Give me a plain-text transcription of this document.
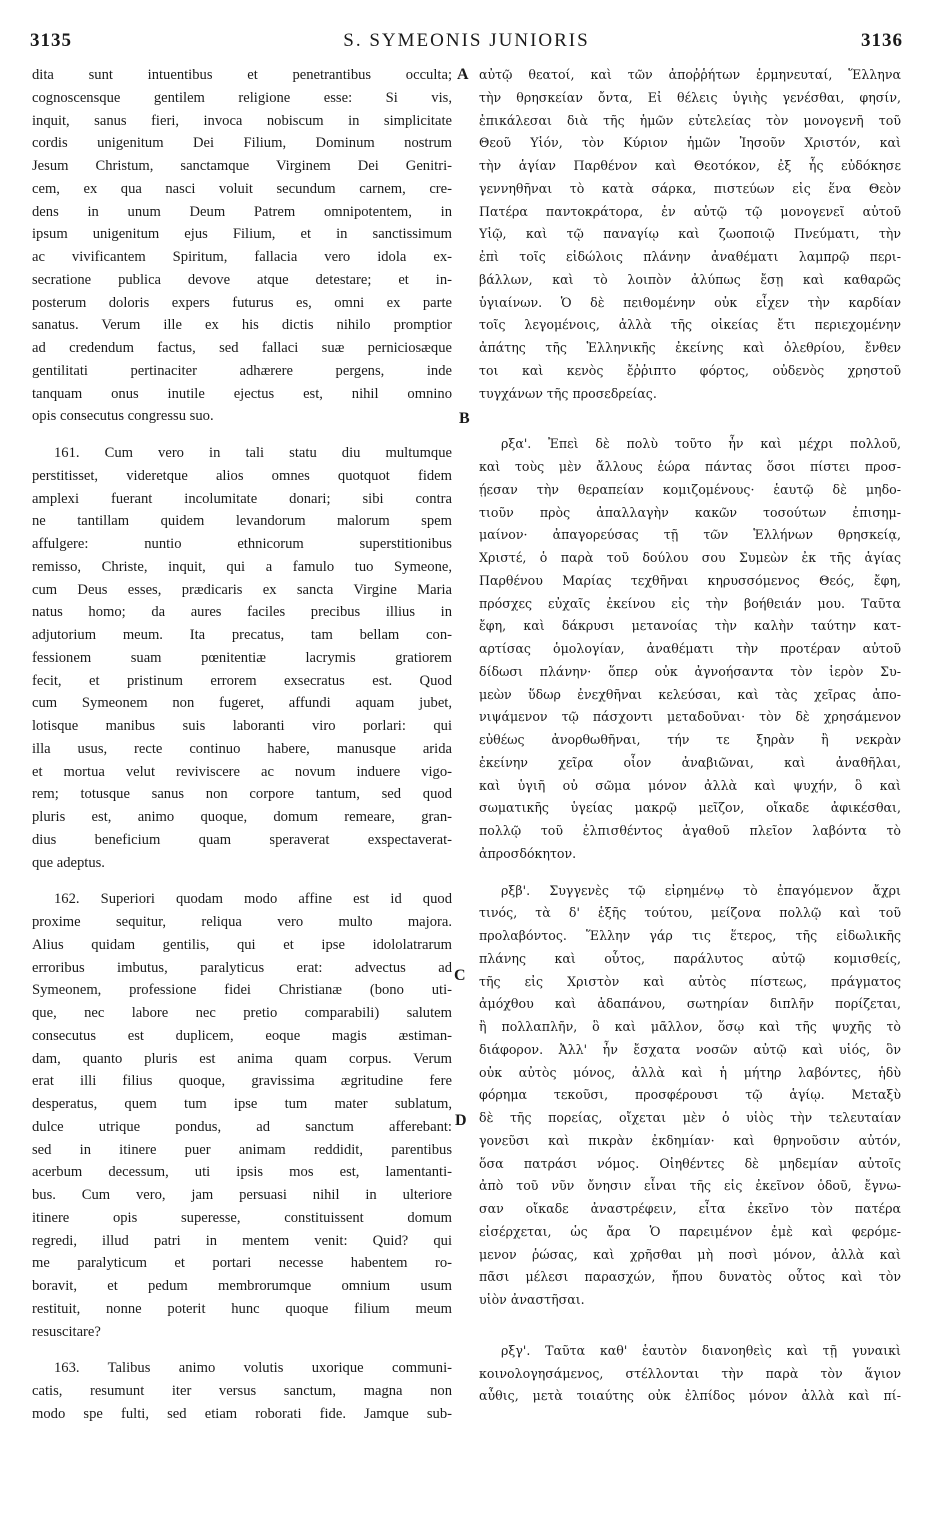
3135	S. SYMEONIS JUNIORIS	3136
dita sunt intuentibus et penetrantibus occulta;
cognoscensque gentilem religione esse: Si vis,
inquit, sanus fieri, invoca nobiscum in simplicitate
cordis unigenitum Dei Filium, Dominum nostrum
Jesum Christum, sanctamque Virginem Dei Genitri-
cem, ex qua nasci voluit secundum carnem, cre-
dens in unum Deum Patrem omnipotentem, in
ipsum unigenitum ejus Filium, et in sanctissimum
ac vivificantem Spiritum, fallacia vero idola ex-
secratione publica devove atque detestare; et in-
posterum doloris expers futurus es, omni ex parte
sanatus. Verum ille ex his dictis nihilo promptior
ad credendum factus, sed fallaci suæ perniciosæque
gentilitati pertinaciter adhærere pergens, inde
tanquam onus inutile ejectus est, nihil omnino
opis consecutus congressu suo.
161. Cum vero in tali statu diu multumque
perstitisset, videretque alios omnes quotquot fidem
amplexi fuerant incolumitate donari; sibi contra
ne tantillam quidem levandorum malorum spem
affulgere: nuntio ethnicorum superstitionibus
remisso, Christe, inquit, qui a famulo tuo Symeone,
cum Deus esses, prædicaris ex sancta Virgine Maria
natus homo; da aures faciles precibus illius in
adjutorium meum. Ita precatus, tam bellam con-
fessionem suam pœnitentiæ lacrymis gratiorem
fecit, et pristinum errorem exsecratus est. Quod
cum Symeonem non fugeret, affundi aquam jubet,
lotisque manibus suis laboranti viro porlari: qui
illa usus, recte continuo habere, manusque arida
et mortua velut reviviscere ac novum induere vigo-
rem; totusque sanus non corpore tantum, sed quod
pluris est, animo quoque, domum remeare, gran-
dius beneficium quam speraverat exspectaverat-
que adeptus.
162. Superiori quodam modo affine est id quod
proxime sequitur, reliqua vero multo majora.
Alius quidam gentilis, qui et ipse idololatrarum
erroribus imbutus, paralyticus erat: advectus ad
Symeonem, professione fidei Christianæ (bono uti-
que, nec labore nec pretio comparabili) salutem
consecutus est duplicem, eoque magis æstiman-
dam, quanto pluris est anima quam corpus. Verum
erat illi filius quoque, gravissima ægritudine fere
desperatus, quem tum ipse tum mater sublatum,
dulce utrique pondus, ad sanctum afferebant:
sed in itinere puer animam reddidit, parentibus
acerbum decessum, uti ipsis mos est, lamentanti-
bus. Cum vero, jam persuasi nihil in ulteriore
itinere opis superesse, constituissent domum
regredi, illud patri in mentem venit: Quid? qui
me paralyticum et portari necesse habentem ro-
boravit, et pedum membrorumque omnium usum
restituit, nonne poterit hunc quoque filium meum
resuscitare?
163. Talibus animo volutis uxorique communi-
catis, resumunt iter versus sanctum, magna non
modo spe fulti, sed etiam roborati fide. Jamque sub-
αὐτῷ θεατοί, καὶ τῶν ἀποῤῥήτων ἑρμηνευταί, Ἕλληνα
τὴν θρησκείαν ὄντα, Εἰ θέλεις ὑγιὴς γενέσθαι, φησίν,
ἐπικάλεσαι διὰ τῆς ἡμῶν εὐτελείας τὸν μονογενῆ τοῦ
Θεοῦ Υἱόν, τὸν Κύριον ἡμῶν Ἰησοῦν Χριστόν, καὶ
τὴν ἁγίαν Παρθένον καὶ Θεοτόκον, ἐξ ἧς εὐδόκησε
γεννηθῆναι τὸ κατὰ σάρκα, πιστεύων εἰς ἕνα Θεὸν
Πατέρα παντοκράτορα, ἐν αὐτῷ τῷ μονογενεῖ αὐτοῦ
Υἱῷ, καὶ τῷ παναγίῳ καὶ ζωοποιῷ Πνεύματι, τὴν
ἐπὶ τοῖς εἰδώλοις πλάνην ἀναθέματι λαμπρῷ περι-
βάλλων, καὶ τὸ λοιπὸν ἀλύπως ἔσῃ καὶ καθαρῶς
ὑγιαίνων. Ὁ δὲ πειθομένην οὐκ εἶχεν τὴν καρδίαν
τοῖς λεγομένοις, ἀλλὰ τῆς οἰκείας ἔτι περιεχομένην
ἀπάτης τῆς Ἑλληνικῆς ἐκείνης καὶ ὀλεθρίου, ἔνθεν
τοι καὶ κενὸς ἔῤῥιπτο φόρτος, οὐδενὸς χρηστοῦ
τυγχάνων τῆς προσεδρείας.
ρξα'. Ἐπεὶ δὲ πολὺ τοῦτο ἦν καὶ μέχρι πολλοῦ,
καὶ τοὺς μὲν ἄλλους ἑώρα πάντας ὅσοι πίστει προσ-
ῄεσαν τὴν θεραπείαν κομιζομένους· ἑαυτῷ δὲ μηδο-
τιοῦν πρὸς ἀπαλλαγὴν κακῶν τοσούτων ἐπισημ-
μαίνον· ἀπαγορεύσας τῇ τῶν Ἑλλήνων θρησκείᾳ,
Χριστέ, ὁ παρὰ τοῦ δούλου σου Συμεὼν ἐκ τῆς ἁγίας
Παρθένου Μαρίας τεχθῆναι κηρυσσόμενος Θεός, ἔφη,
πρόσχες εὐχαῖς ἐκείνου εἰς τὴν βοήθειάν μου. Ταῦτα
ἔφη, καὶ δάκρυσι μετανοίας τὴν καλὴν ταύτην κατ-
αρτίσας ὁμολογίαν, ἀναθέματι τὴν προτέραν αὐτοῦ
δίδωσι πλάνην· ὅπερ οὐκ ἀγνοήσαντα τὸν ἱερὸν Συ-
μεὼν ὕδωρ ἐνεχθῆναι κελεύσαι, καὶ τὰς χεῖρας ἀπο-
νιψάμενον τῷ πάσχοντι μεταδοῦναι· τὸν δὲ χρησάμενον
εὐθέως ἀνορθωθῆναι, τήν τε ξηρὰν ἢ νεκρὰν
ἐκείνην χεῖρα οἷον ἀναβιῶναι, καὶ ἀναθῆλαι,
καὶ ὑγιῆ οὐ σῶμα μόνον ἀλλὰ καὶ ψυχήν, ὃ καὶ
σωματικῆς ὑγείας μακρῷ μεῖζον, οἴκαδε ἀφικέσθαι,
πολλῷ τοῦ ἐλπισθέντος ἀγαθοῦ πλεῖον λαβόντα τὸ
ἀπροσδόκητον.
ρξβ'. Συγγενὲς τῷ εἰρημένῳ τὸ ἐπαγόμενον ἄχρι
τινός, τὰ δ' ἑξῆς τούτου, μείζονα πολλῷ καὶ τοῦ
προλαβόντος. Ἕλλην γάρ τις ἕτερος, τῆς εἰδωλικῆς
πλάνης καὶ οὗτος, παράλυτος αὐτῷ κομισθείς,
τῆς εἰς Χριστὸν καὶ αὐτὸς πίστεως, πράγματος
ἀμόχθου καὶ ἀδαπάνου, σωτηρίαν διπλῆν πορίζεται,
ἢ πολλαπλῆν, ὃ καὶ μᾶλλον, ὅσῳ καὶ τῆς ψυχῆς τὸ
διάφορον. Ἀλλ' ἦν ἔσχατα νοσῶν αὐτῷ καὶ υἱός, ὃν
οὐκ αὐτὸς μόνος, ἀλλὰ καὶ ἡ μήτηρ λαβόντες, ἡδὺ
φόρημα τεκοῦσι, προσφέρουσι τῷ ἁγίῳ. Μεταξὺ
δὲ τῆς πορείας, οἴχεται μὲν ὁ υἱὸς τὴν τελευταίαν
γονεῦσι καὶ πικρὰν ἐκδημίαν· καὶ θρηνοῦσιν αὐτόν,
ὅσα πατράσι νόμος. Οἰηθέντες δὲ μηδεμίαν αὐτοῖς
ἀπὸ τοῦ νῦν ὄνησιν εἶναι τῆς εἰς ἐκεῖνον ὁδοῦ, ἔγνω-
σαν οἴκαδε ἀναστρέφειν, εἶτα ἐκεῖνο τὸν πατέρα
εἰσέρχεται, ὡς ἄρα Ὁ παρειμένον ἐμὲ καὶ φερόμε-
μενον ῥώσας, καὶ χρῆσθαι μὴ ποσὶ μόνον, ἀλλὰ καὶ
πᾶσι μέλεσι παρασχών, ἤπου δυνατὸς οὗτος καὶ τὸν
υἱὸν ἀναστῆσαι.
ρξγ'. Ταῦτα καθ' ἑαυτὸν διανοηθεὶς καὶ τῇ γυναικὶ
κοινολογησάμενος, στέλλονται τὴν παρὰ τὸν ἅγιον
αὖθις, μετὰ τοιαύτης οὐκ ἐλπίδος μόνον ἀλλὰ καὶ πί-
A
B
C
D
